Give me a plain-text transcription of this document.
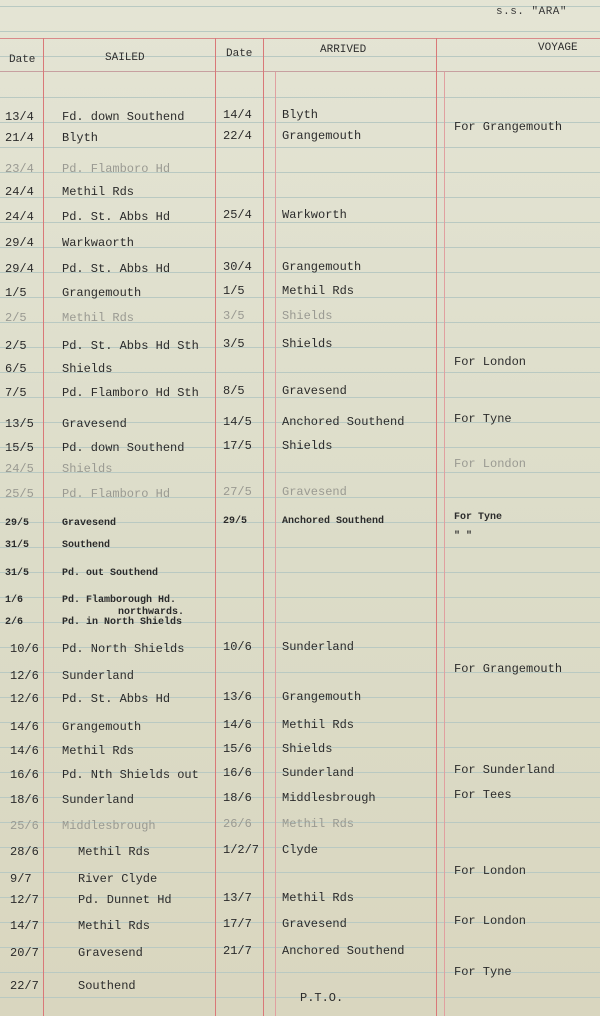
s.s. "ARA"
Date	SAILED	Date	ARRIVED	VOYAGE
13/4 Fd. down Southend	14/4	Blyth
21/4 Blyth	22/4	Grangemouth
For Grangemouth
23/4 Pd. Flamboro Hd
24/4 Methil Rds
24/4 Pd. St. Abbs Hd	25/4	Warkworth
29/4 Warkwaorth
29/4 Pd. St. Abbs Hd	30/4	Grangemouth
1/5	Grangemouth	1/5	Methil Rds
2/5	Methil Rds	3/5	Shields
2/5	Pd. St. Abbs Hd Sth 3/5	Shields
6/5	Shields	For London
7/5	Pd. Flamboro Hd Sth 8/5	Gravesend
13/5 Gravesend	14/5	Anchored Southend	For Tyne
15/5 Pd. down Southend	17/5	Shields
24/5 Shields	For London
25/5 Pd. Flamboro Hd	27/5	Gravesend
29/5	Gravesend	29/5	Anchored Southend	For Tyne
31/5	Southend
" "
31/5	Pd. out Southend
1/6	Pd. Flamborough Hd.
northwards.
2/6	Pd. in North Shields
10/6 Pd. North Shields	10/6	Sunderland
12/6 Sunderland	For Grangemouth
12/6 Pd. St. Abbs Hd	13/6	Grangemouth
14/6 Grangemouth	14/6	Methil Rds
14/6 Methil Rds	15/6	Shields
16/6 Pd. Nth Shields out 16/6	Sunderland	For Sunderland
18/6 Sunderland	18/6	Middlesbrough	For Tees
25/6 Middlesbrough	26/6	Methil Rds
28/6	Methil Rds	1/2/7 Clyde
9/7	River Clyde
For London
12/7	Pd. Dunnet Hd	13/7	Methil Rds
14/7	Methil Rds	17/7	Gravesend	For London
20/7	Gravesend	21/7	Anchored Southend
22/7	Southend
For Tyne
P.T.O.
